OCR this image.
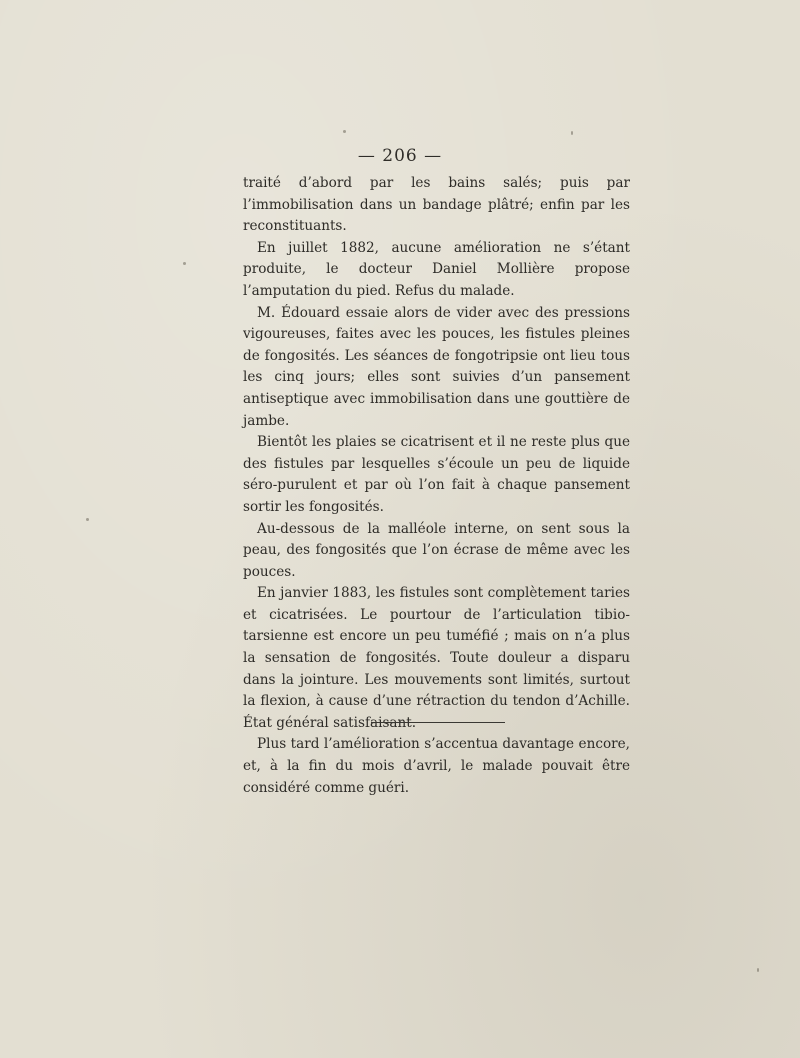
— 206 —

traité d’abord par les bains salés; puis par l’immobilisation dans un bandage plâtré; enfin par les reconstituants.

En juillet 1882, aucune amélioration ne s’étant produite, le docteur Daniel Mollière propose l’amputation du pied. Refus du malade.

M. Édouard essaie alors de vider avec des pressions vigoureuses, faites avec les pouces, les fistules pleines de fongosités. Les séances de fongotripsie ont lieu tous les cinq jours; elles sont suivies d’un pansement antiseptique avec immobilisation dans une gouttière de jambe.

Bientôt les plaies se cicatrisent et il ne reste plus que des fistules par lesquelles s’écoule un peu de liquide séro-purulent et par où l’on fait à chaque pansement sortir les fongosités.

Au-dessous de la malléole interne, on sent sous la peau, des fongosités que l’on écrase de même avec les pouces.

En janvier 1883, les fistules sont complètement taries et cicatrisées. Le pourtour de l’articulation tibio-tarsienne est encore un peu tuméfié ; mais on n’a plus la sensation de fongosités. Toute douleur a disparu dans la jointure. Les mouvements sont limités, surtout la flexion, à cause d’une rétraction du tendon d’Achille. État général satisfaisant.

Plus tard l’amélioration s’accentua davantage encore, et, à la fin du mois d’avril, le malade pouvait être considéré comme guéri.
